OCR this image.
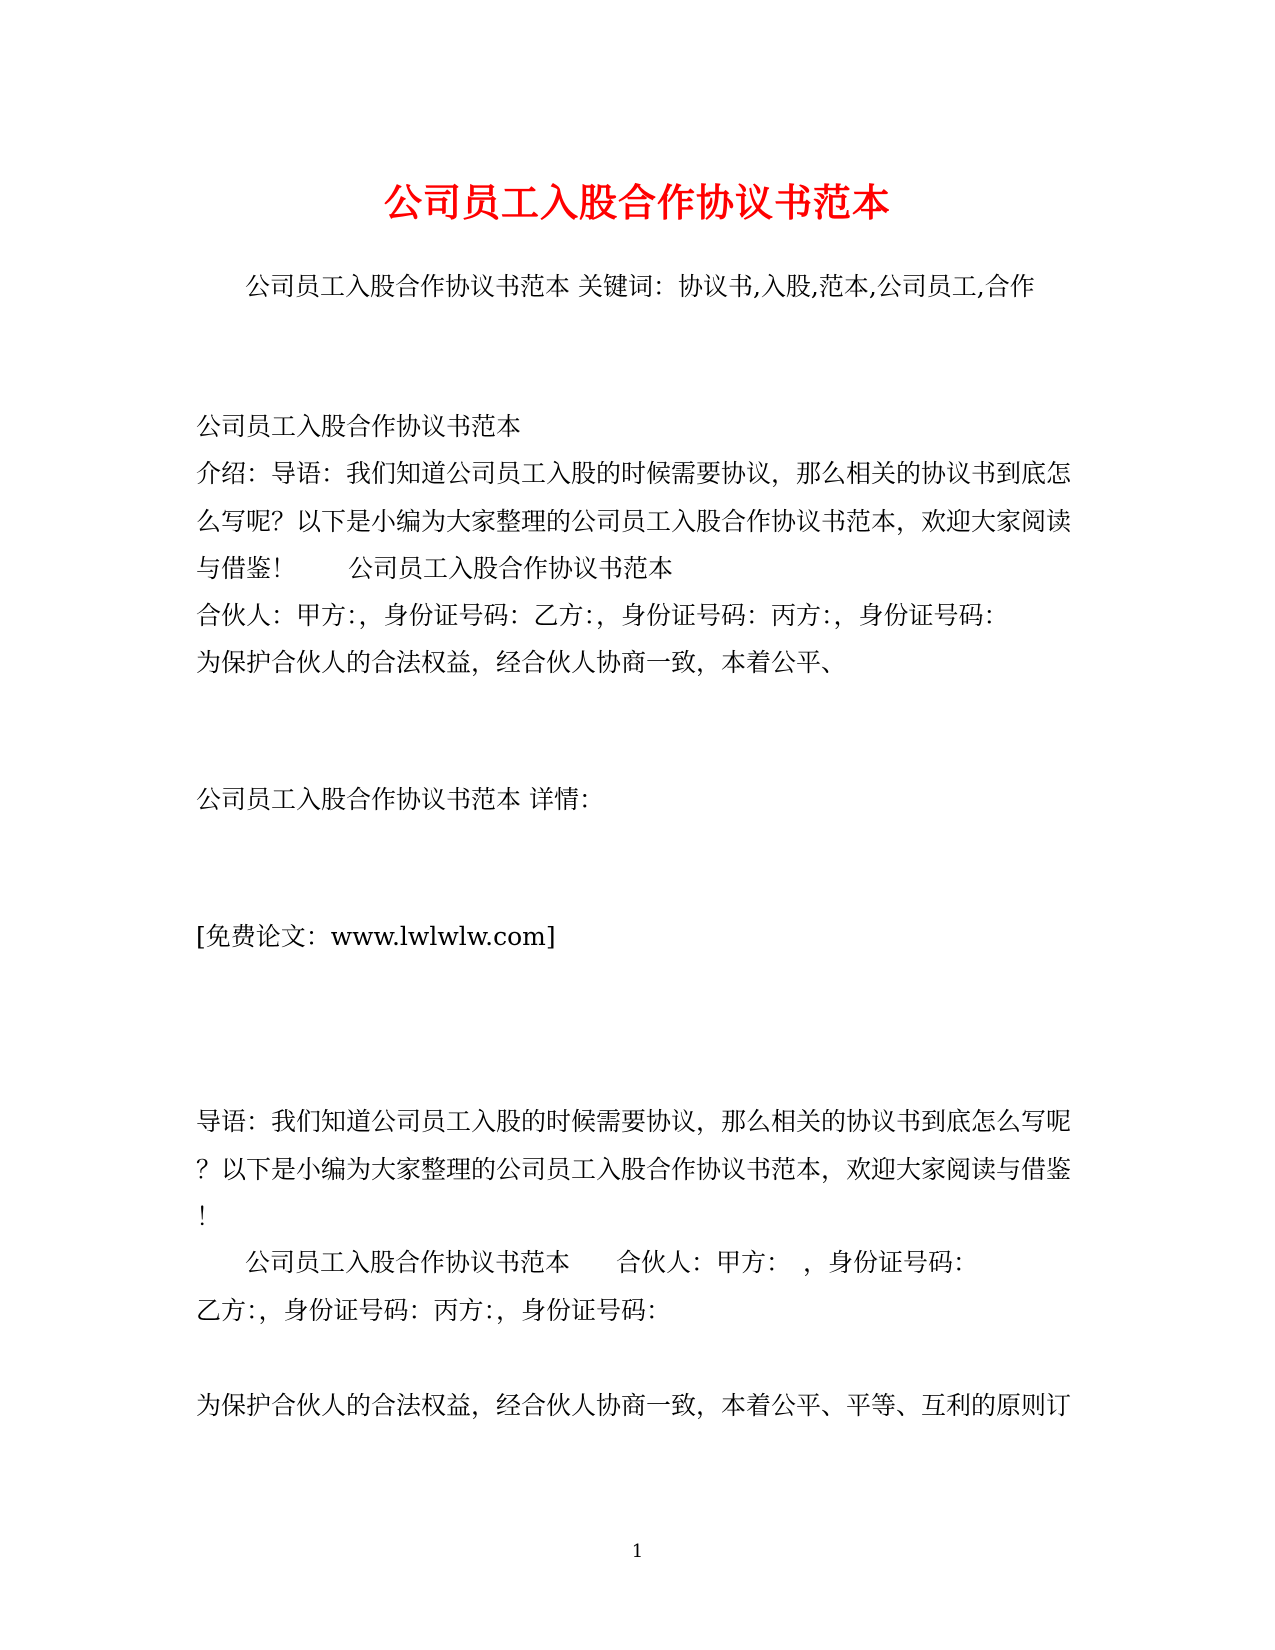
公司员工入股合作协议书范本
公司员工入股合作协议书范本 关键词：协议书,入股,范本,公司员工,合作
公司员工入股合作协议书范本
介绍：导语：我们知道公司员工入股的时候需要协议，那么相关的协议书到底怎
么写呢？以下是小编为大家整理的公司员工入股合作协议书范本，欢迎大家阅读
与借鉴！ 公司员工入股合作协议书范本
合伙人：甲方：，身份证号码：乙方：，身份证号码：丙方：，身份证号码：
为保护合伙人的合法权益，经合伙人协商一致，本着公平、
公司员工入股合作协议书范本 详情：
[免费论文：www.lwlwlw.com]
导语：我们知道公司员工入股的时候需要协议，那么相关的协议书到底怎么写呢
？以下是小编为大家整理的公司员工入股合作协议书范本，欢迎大家阅读与借鉴
！
公司员工入股合作协议书范本 合伙人：甲方： ，身份证号码：
乙方：，身份证号码：丙方：，身份证号码：
为保护合伙人的合法权益，经合伙人协商一致，本着公平、平等、互利的原则订
1
